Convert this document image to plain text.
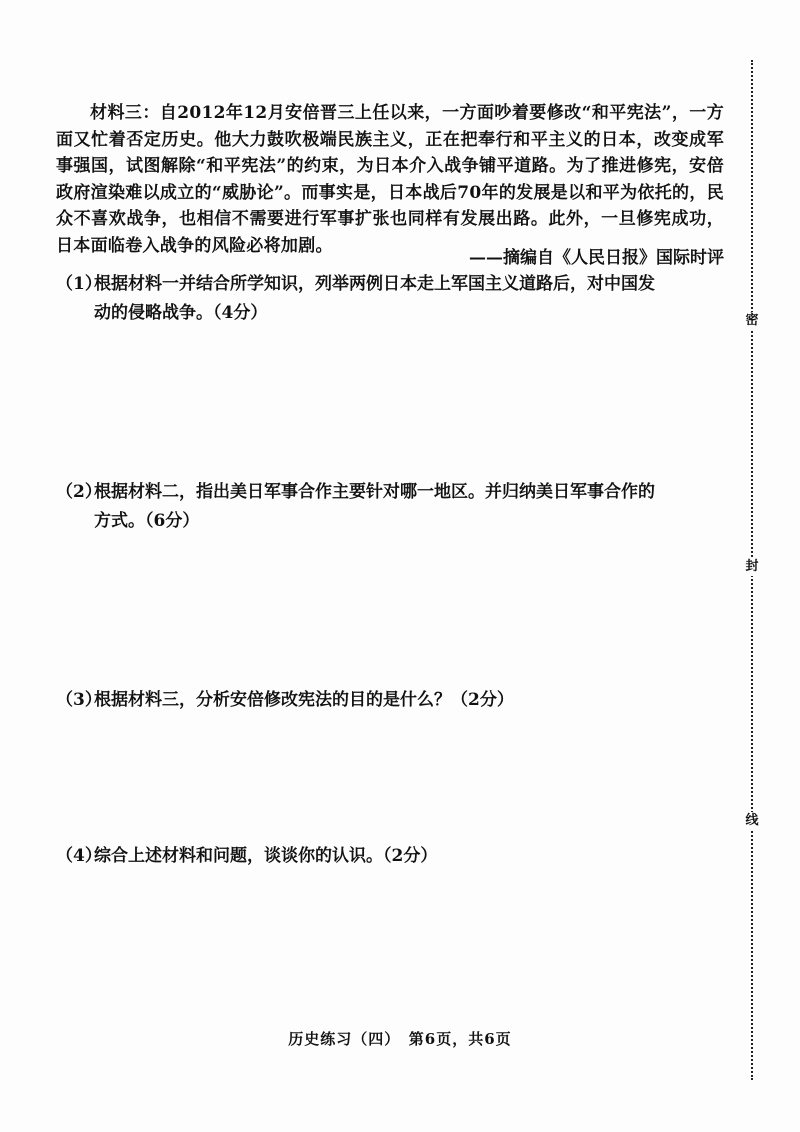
材料三：自2012年12月安倍晋三上任以来，一方面吵着要修改“和平宪法”，一方面又忙着否定历史。他大力鼓吹极端民族主义，正在把奉行和平主义的日本，改变成军事强国，试图解除“和平宪法”的约束，为日本介入战争铺平道路。为了推进修宪，安倍政府渲染难以成立的“威胁论”。而事实是，日本战后70年的发展是以和平为依托的，民众不喜欢战争，也相信不需要进行军事扩张也同样有发展出路。此外，一旦修宪成功，日本面临卷入战争的风险必将加剧。
——摘编自《人民日报》国际时评
（1）根据材料一并结合所学知识，列举两例日本走上军国主义道路后，对中国发
动的侵略战争。（4分）
（2）根据材料二，指出美日军事合作主要针对哪一地区。并归纳美日军事合作的
方式。（6分）
（3）根据材料三，分析安倍修改宪法的目的是什么？（2分）
（4）综合上述材料和问题，谈谈你的认识。（2分）
历史练习（四）　第6页，共6页
密
封
线
